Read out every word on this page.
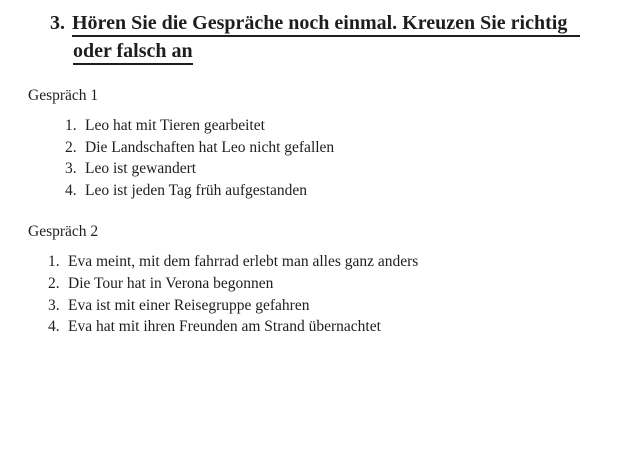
3. Hören Sie die Gespräche noch einmal. Kreuzen Sie richtig
oder falsch an
Gespräch 1
1. Leo hat mit Tieren gearbeitet
2. Die Landschaften hat Leo nicht gefallen
3. Leo ist gewandert
4. Leo ist jeden Tag früh aufgestanden
Gespräch 2
1. Eva meint, mit dem fahrrad erlebt man alles ganz anders
2. Die Tour hat in Verona begonnen
3. Eva ist mit einer Reisegruppe gefahren
4. Eva hat mit ihren Freunden am Strand übernachtet
